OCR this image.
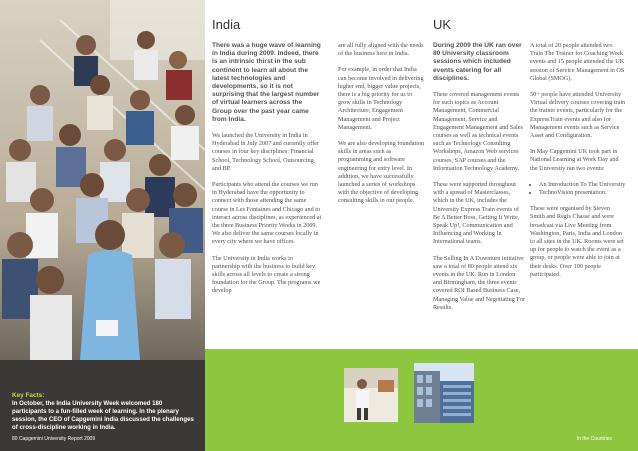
Key Facts:
In October, the India University Week welcomed 180 participants to a fun-filled week of learning. In the plenary session, the CEO of Capgemini India discussed the challenges of cross-discipline working in India.
80 Capgemini University Report 2009	In the Countries
India

There was a huge wave of learning in India during 2009. Indeed, there is an intrinsic thirst in the sub continent to learn all about the latest technologies and developments, so it is not surprising that the largest number of virtual learners across the Group over the past year came from India.

We launched the University in India in Hyderabad in July 2007 and currently offer courses in four key disciplines: Financial School, Technology School, Outsourcing and BP.

Participants who attend the courses we run in Hyderabad have the opportunity to connect with those attending the same course in Les Fontaines and Chicago and to interact across disciplines, as experienced at the three Business Priority Weeks in 2009. We also deliver the same courses locally in every city where we have offices.

The University in India works in partnership with the business to build key skills across all levels to create a strong foundation for the Group. The programs we develop

are all fully aligned with the needs of the business here in India.

For example, in order that India can become involved in delivering higher end, bigger value projects, there is a big priority for us to grow skills in Technology Architecture, Engagement Management and Project Management.

We are also developing foundation skills in areas such as programming and software engineering for entry level. In addition, we have successfully launched a series of workshops with the objective of developing consulting skills in our people.

UK

During 2009 the UK ran over 80 University classroom sessions which included events catering for all disciplines.

These covered management events for such topics as Account Management, Commercial Management, Service and Engagement Management and Sales courses as well as technical events such as Technology Consulting Workshops, Amazon Web services courses, SAP courses and the Information Technology Academy.

These were supported throughout with a spread of Masterclasses, which in the UK, includes the University Express Train events of Be A Better Boss, Getting It Write, Speak Up!, Communication and Influencing and Working In International teams.

The Selling In A Downturn initiative saw a total of 80 people attend six events in the UK. Run in London and Birmingham, the three events covered ROI Based Business Case, Managing Value and Negotiating For Results.

A total of 20 people attended two Train The Trainer for Coaching Week events and 15 people attended the UK session of Service Management in OS Global (SMOG).

50+ people have attended University Virtual delivery courses covering train the trainer events, particularly for the ExpressTrain events and also for Management events such as Service Asset and Configuration.

In May Capgemini UK took part in National Learning at Work Day and the University ran two events:

• An Introduction To The University
• TechnoVision presentation.

These were organised by Steven Smith and Régis Chassé and were broadcast via Live Meeting from Washington, Paris, India and London to all sites in the UK. Rooms were set up for people to watch the event as a group, or people were able to join at their desks. Over 100 people participated.
